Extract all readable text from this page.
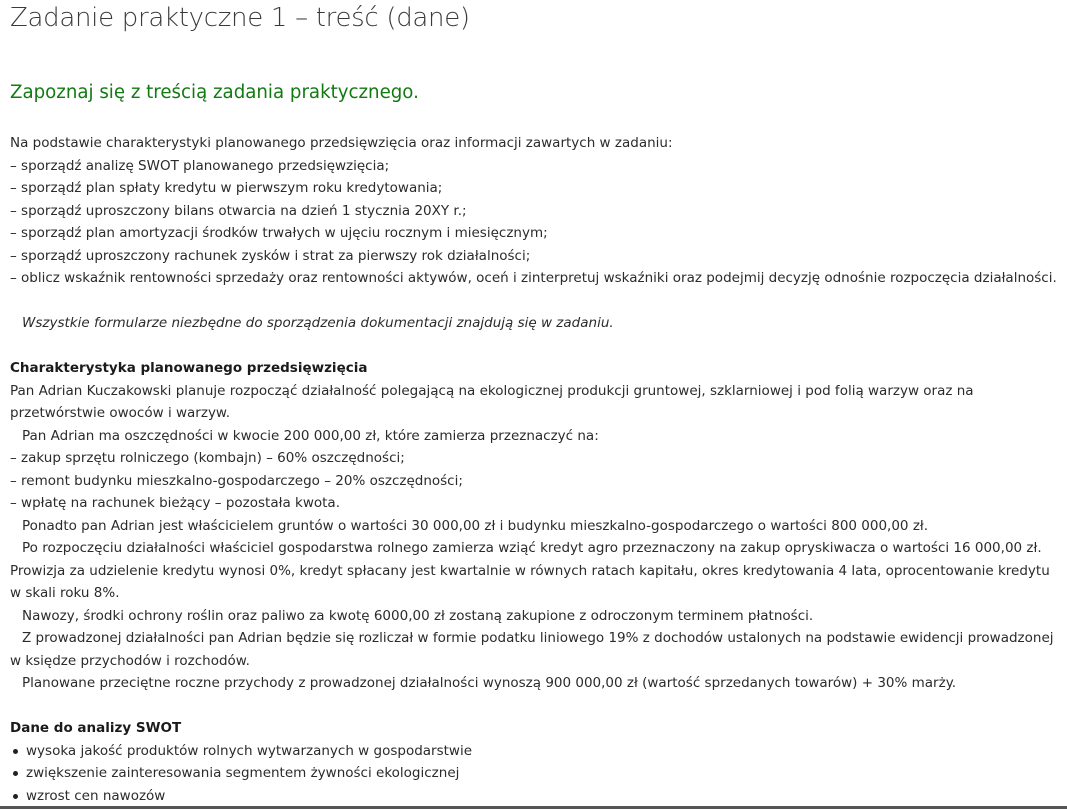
Zadanie praktyczne 1 – treść (dane)
Zapoznaj się z treścią zadania praktycznego.

Na podstawie charakterystyki planowanego przedsięwzięcia oraz informacji zawartych w zadaniu:

– sporządź analizę SWOT planowanego przedsięwzięcia;

– sporządź plan spłaty kredytu w pierwszym roku kredytowania;

– sporządź uproszczony bilans otwarcia na dzień 1 stycznia 20XY r.;

– sporządź plan amortyzacji środków trwałych w ujęciu rocznym i miesięcznym;

– sporządź uproszczony rachunek zysków i strat za pierwszy rok działalności;

– oblicz wskaźnik rentowności sprzedaży oraz rentowności aktywów, oceń i zinterpretuj wskaźniki oraz podejmij decyzję odnośnie rozpoczęcia działalności.

Wszystkie formularze niezbędne do sporządzenia dokumentacji znajdują się w zadaniu.

Charakterystyka planowanego przedsięwzięcia

Pan Adrian Kuczakowski planuje rozpocząć działalność polegającą na ekologicznej produkcji gruntowej, szklarniowej i pod folią warzyw oraz na przetwórstwie owoców i warzyw.

Pan Adrian ma oszczędności w kwocie 200 000,00 zł, które zamierza przeznaczyć na:

– zakup sprzętu rolniczego (kombajn) – 60% oszczędności;

– remont budynku mieszkalno-gospodarczego – 20% oszczędności;

– wpłatę na rachunek bieżący – pozostała kwota.

Ponadto pan Adrian jest właścicielem gruntów o wartości 30 000,00 zł i budynku mieszkalno-gospodarczego o wartości 800 000,00 zł.

Po rozpoczęciu działalności właściciel gospodarstwa rolnego zamierza wziąć kredyt agro przeznaczony na zakup opryskiwacza o wartości 16 000,00 zł.

Prowizja za udzielenie kredytu wynosi 0%, kredyt spłacany jest kwartalnie w równych ratach kapitału, okres kredytowania 4 lata, oprocentowanie kredytu w skali roku 8%.

Nawozy, środki ochrony roślin oraz paliwo za kwotę 6000,00 zł zostaną zakupione z odroczonym terminem płatności.

Z prowadzonej działalności pan Adrian będzie się rozliczał w formie podatku liniowego 19% z dochodów ustalonych na podstawie ewidencji prowadzonej w księdze przychodów i rozchodów.

Planowane przeciętne roczne przychody z prowadzonej działalności wynoszą 900 000,00 zł (wartość sprzedanych towarów) + 30% marży.

Dane do analizy SWOT

wysoka jakość produktów rolnych wytwarzanych w gospodarstwie
zwiększenie zainteresowania segmentem żywności ekologicznej
wzrost cen nawozów
